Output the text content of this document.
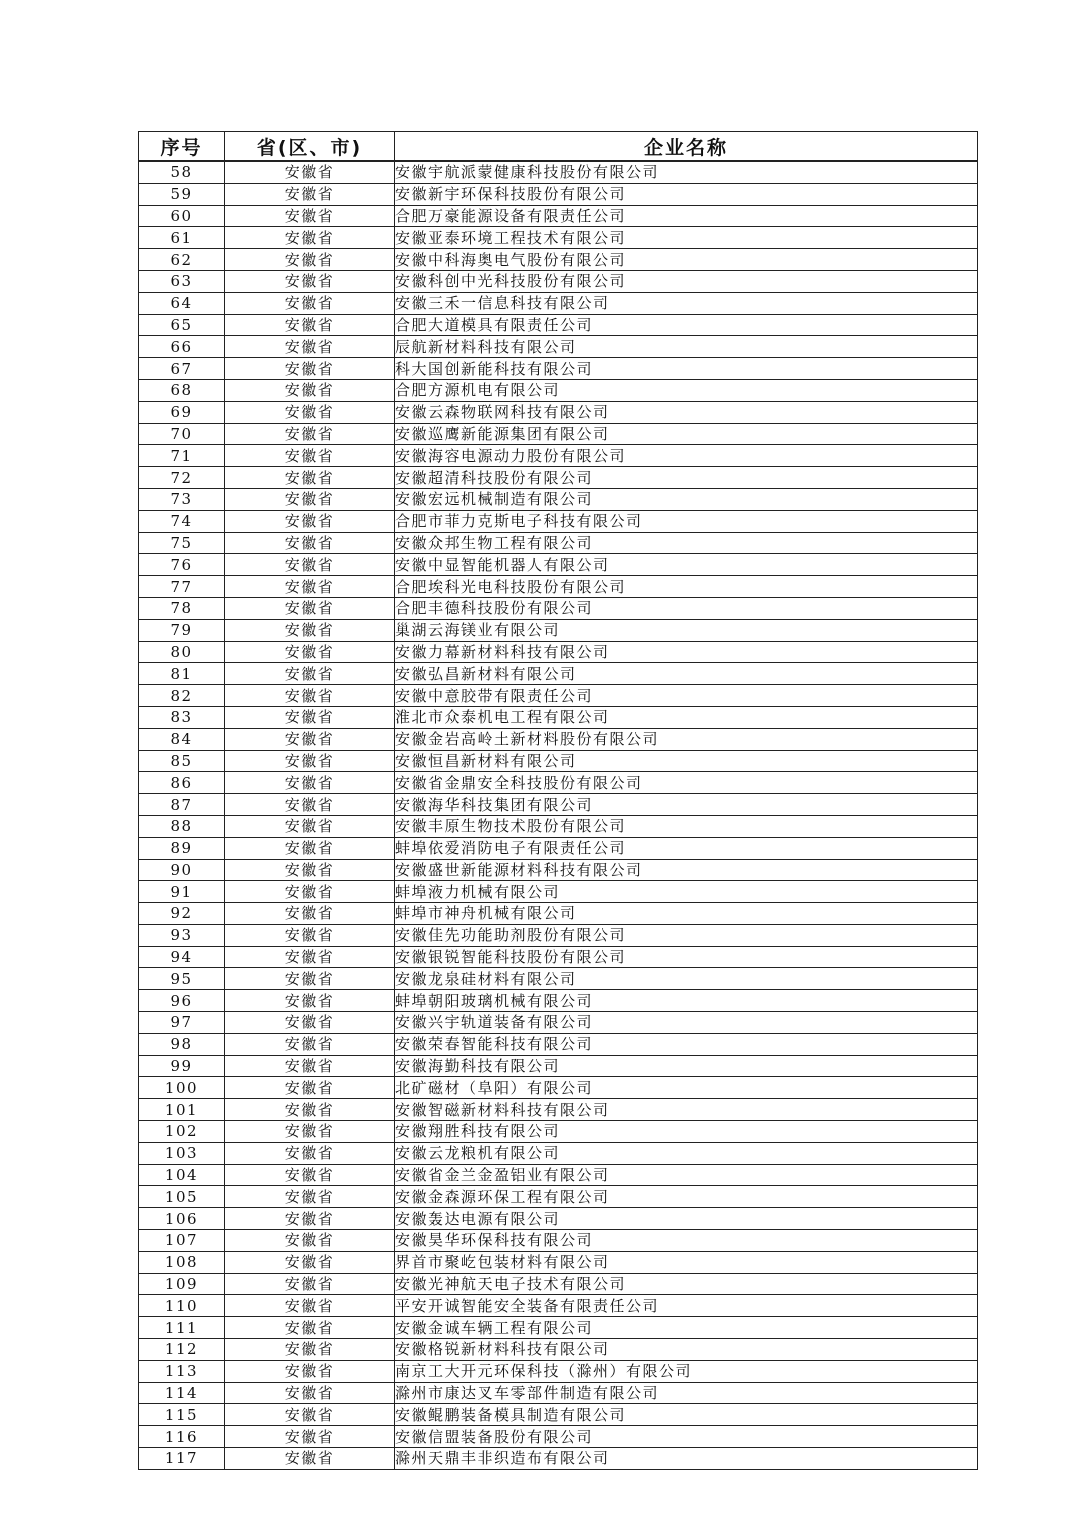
序号	省(区、市)	企业名称
58	安徽省	安徽宇航派蒙健康科技股份有限公司
59	安徽省	安徽新宇环保科技股份有限公司
60	安徽省	合肥万豪能源设备有限责任公司
61	安徽省	安徽亚泰环境工程技术有限公司
62	安徽省	安徽中科海奥电气股份有限公司
63	安徽省	安徽科创中光科技股份有限公司
64	安徽省	安徽三禾一信息科技有限公司
65	安徽省	合肥大道模具有限责任公司
66	安徽省	辰航新材料科技有限公司
67	安徽省	科大国创新能科技有限公司
68	安徽省	合肥方源机电有限公司
69	安徽省	安徽云森物联网科技有限公司
70	安徽省	安徽巡鹰新能源集团有限公司
71	安徽省	安徽海容电源动力股份有限公司
72	安徽省	安徽超清科技股份有限公司
73	安徽省	安徽宏远机械制造有限公司
74	安徽省	合肥市菲力克斯电子科技有限公司
75	安徽省	安徽众邦生物工程有限公司
76	安徽省	安徽中显智能机器人有限公司
77	安徽省	合肥埃科光电科技股份有限公司
78	安徽省	合肥丰德科技股份有限公司
79	安徽省	巢湖云海镁业有限公司
80	安徽省	安徽力幕新材料科技有限公司
81	安徽省	安徽弘昌新材料有限公司
82	安徽省	安徽中意胶带有限责任公司
83	安徽省	淮北市众泰机电工程有限公司
84	安徽省	安徽金岩高岭土新材料股份有限公司
85	安徽省	安徽恒昌新材料有限公司
86	安徽省	安徽省金鼎安全科技股份有限公司
87	安徽省	安徽海华科技集团有限公司
88	安徽省	安徽丰原生物技术股份有限公司
89	安徽省	蚌埠依爱消防电子有限责任公司
90	安徽省	安徽盛世新能源材料科技有限公司
91	安徽省	蚌埠液力机械有限公司
92	安徽省	蚌埠市神舟机械有限公司
93	安徽省	安徽佳先功能助剂股份有限公司
94	安徽省	安徽银锐智能科技股份有限公司
95	安徽省	安徽龙泉硅材料有限公司
96	安徽省	蚌埠朝阳玻璃机械有限公司
97	安徽省	安徽兴宇轨道装备有限公司
98	安徽省	安徽荣春智能科技有限公司
99	安徽省	安徽海勤科技有限公司
100	安徽省	北矿磁材（阜阳）有限公司
101	安徽省	安徽智磁新材料科技有限公司
102	安徽省	安徽翔胜科技有限公司
103	安徽省	安徽云龙粮机有限公司
104	安徽省	安徽省金兰金盈铝业有限公司
105	安徽省	安徽金森源环保工程有限公司
106	安徽省	安徽轰达电源有限公司
107	安徽省	安徽昊华环保科技有限公司
108	安徽省	界首市聚屹包装材料有限公司
109	安徽省	安徽光神航天电子技术有限公司
110	安徽省	平安开诚智能安全装备有限责任公司
111	安徽省	安徽金诚车辆工程有限公司
112	安徽省	安徽格锐新材料科技有限公司
113	安徽省	南京工大开元环保科技（滁州）有限公司
114	安徽省	滁州市康达叉车零部件制造有限公司
115	安徽省	安徽鲲鹏装备模具制造有限公司
116	安徽省	安徽信盟装备股份有限公司
117	安徽省	滁州天鼎丰非织造布有限公司
